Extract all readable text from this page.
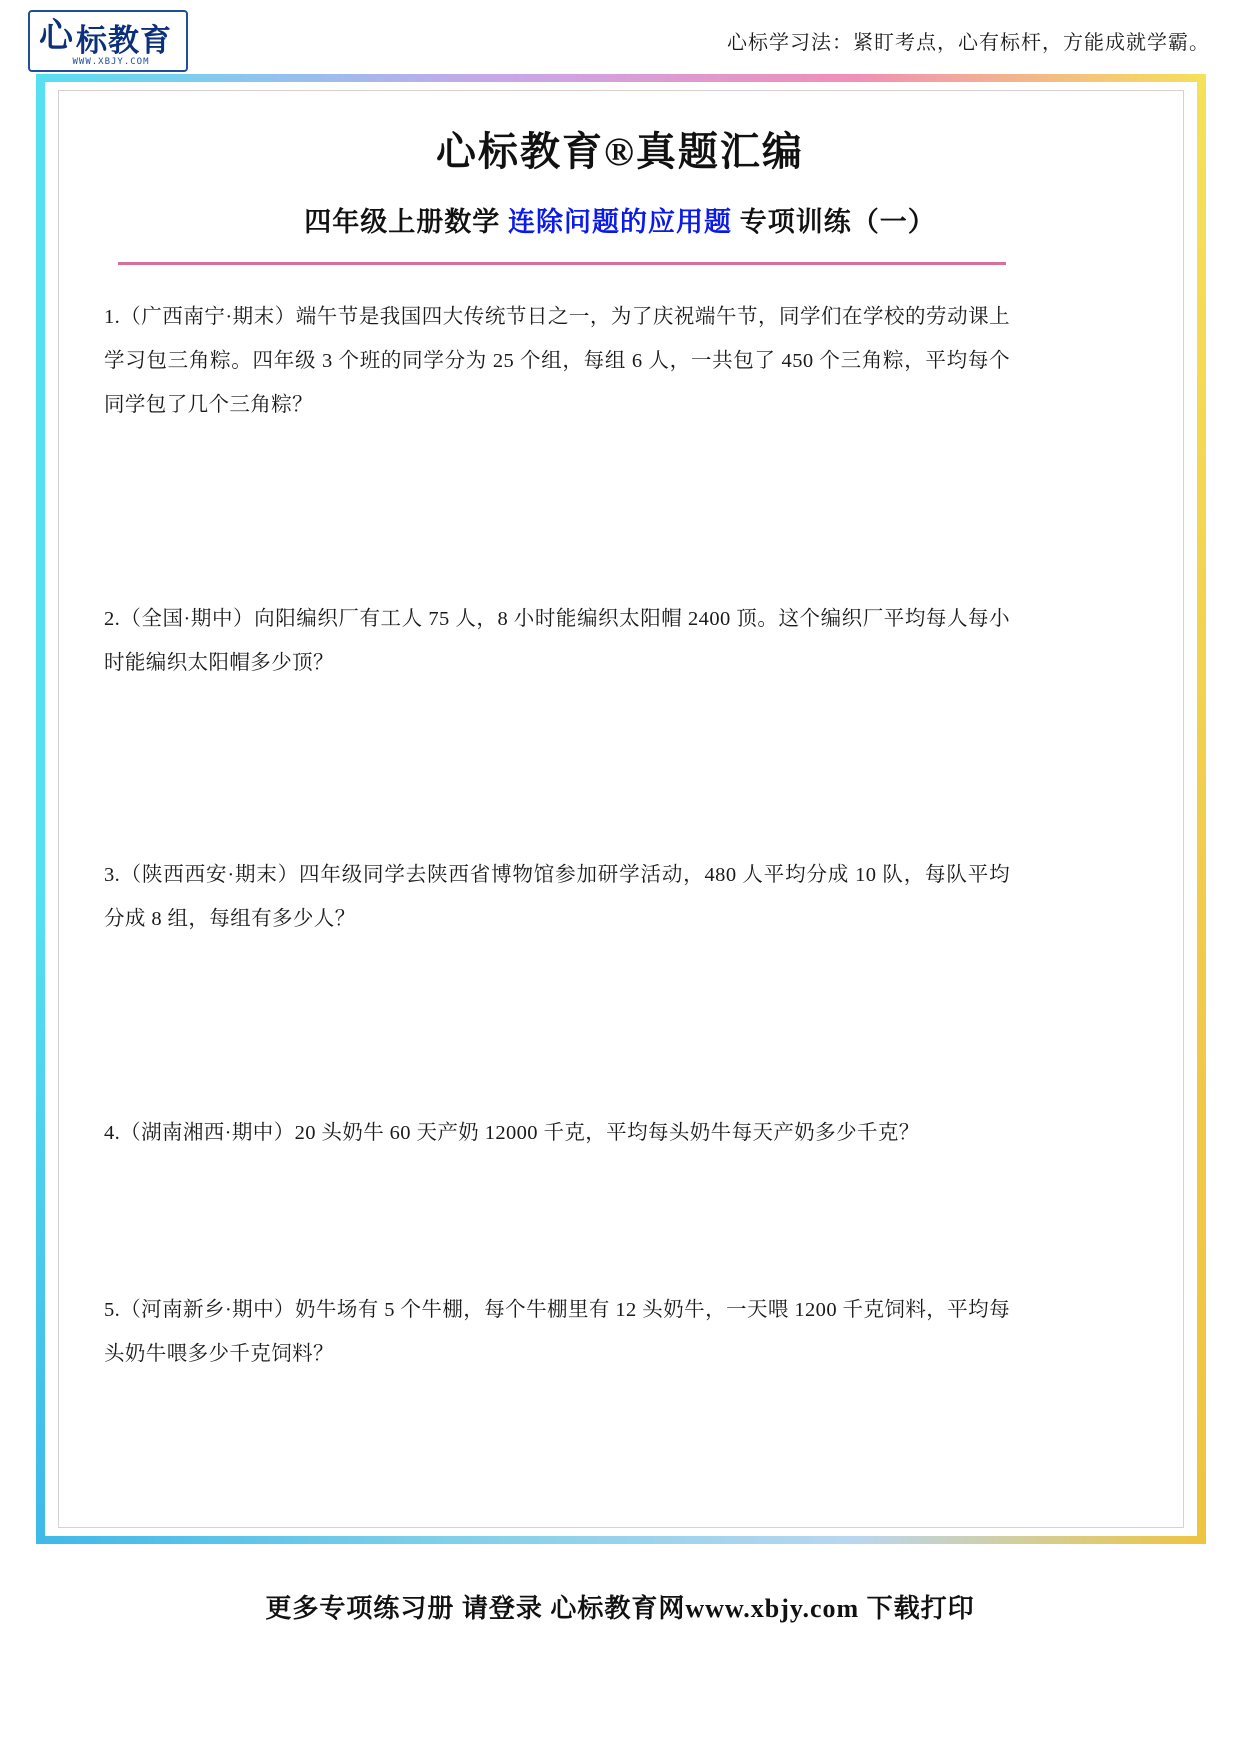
心 标教育
WWW.XBJY.COM
心标学习法：紧盯考点，心有标杆，方能成就学霸。
心标教育®真题汇编
四年级上册数学 连除问题的应用题 专项训练（一）
1.（广西南宁·期末）端午节是我国四大传统节日之一，为了庆祝端午节，同学们在学校的劳动课上学习包三角粽。四年级 3 个班的同学分为 25 个组，每组 6 人，一共包了 450 个三角粽，平均每个同学包了几个三角粽？
2.（全国·期中）向阳编织厂有工人 75 人，8 小时能编织太阳帽 2400 顶。这个编织厂平均每人每小时能编织太阳帽多少顶？
3.（陕西西安·期末）四年级同学去陕西省博物馆参加研学活动，480 人平均分成 10 队，每队平均分成 8 组，每组有多少人？
4.（湖南湘西·期中）20 头奶牛 60 天产奶 12000 千克，平均每头奶牛每天产奶多少千克？
5.（河南新乡·期中）奶牛场有 5 个牛棚，每个牛棚里有 12 头奶牛，一天喂 1200 千克饲料，平均每头奶牛喂多少千克饲料？
更多专项练习册 请登录 心标教育网www.xbjy.com 下载打印
